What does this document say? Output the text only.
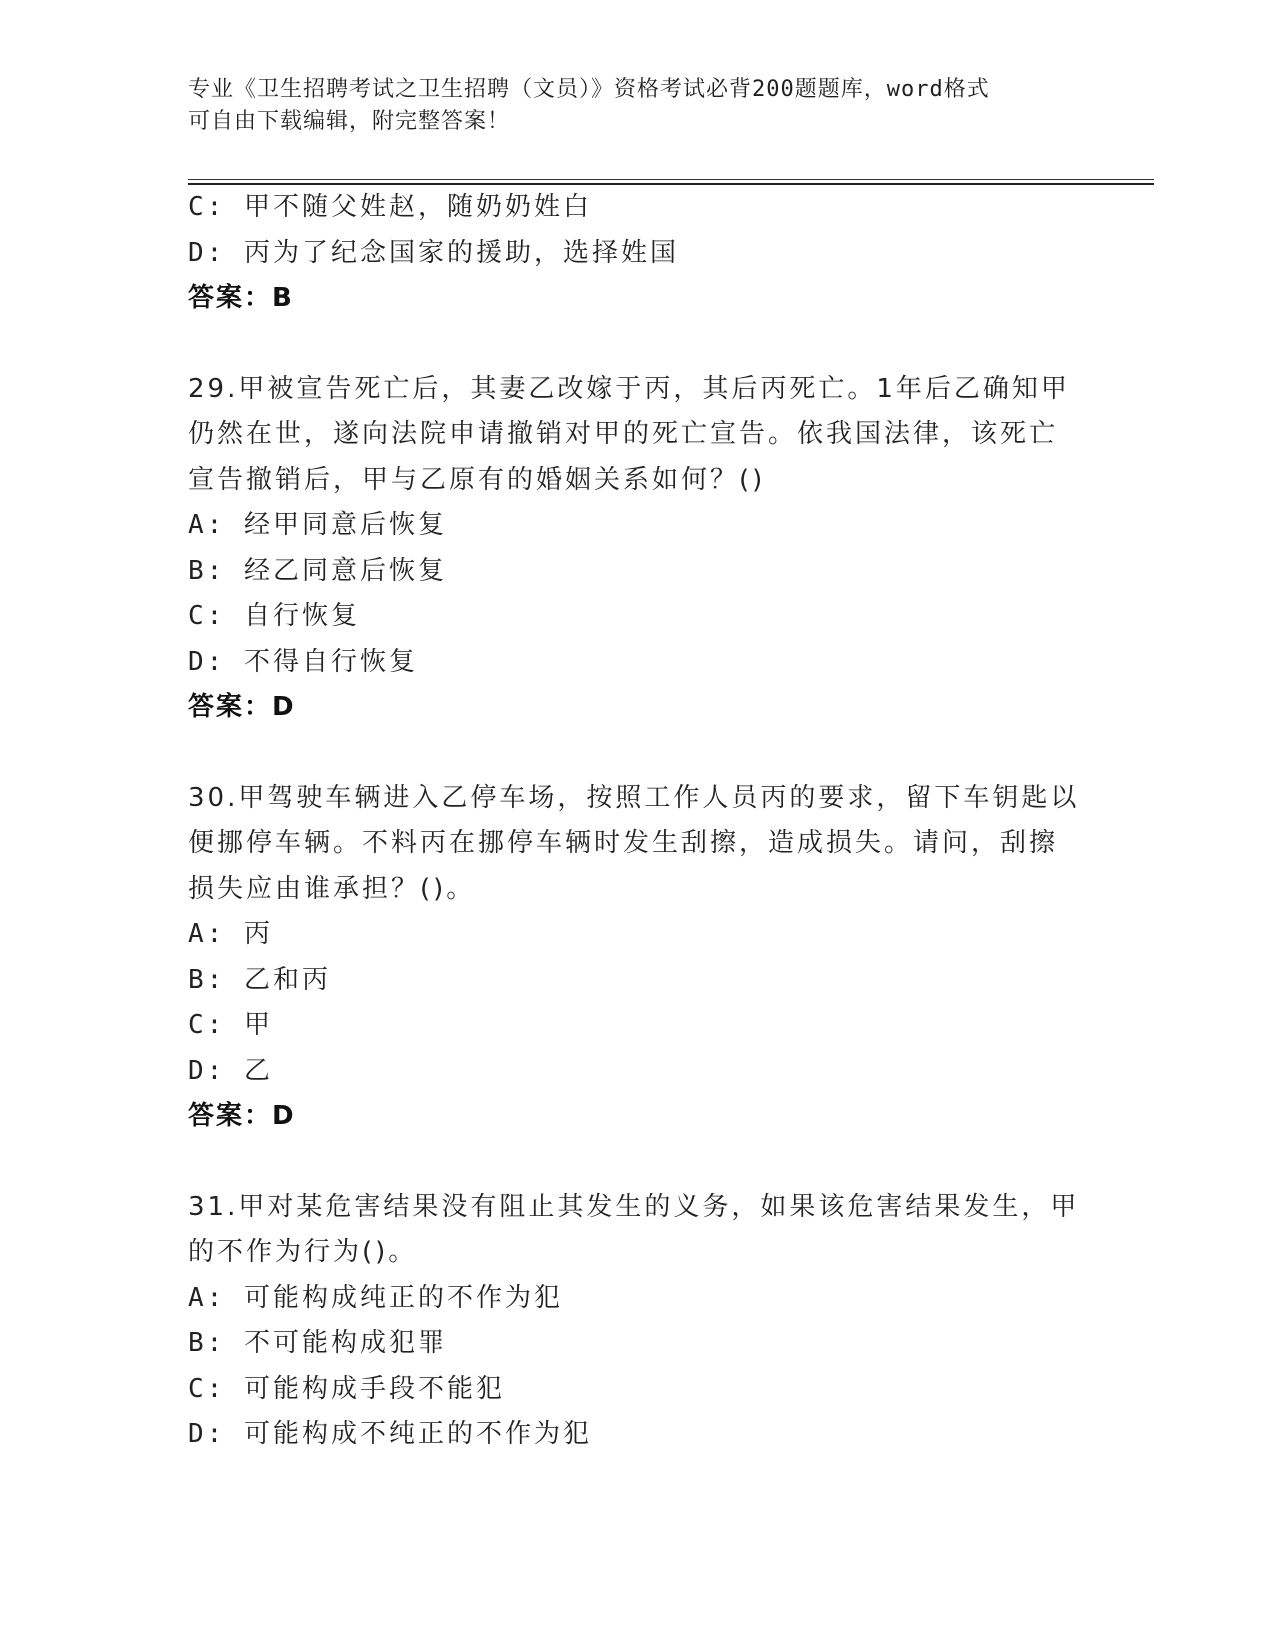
专业《卫生招聘考试之卫生招聘（文员）》资格考试必背200题题库，word格式
可自由下载编辑，附完整答案！
C: 甲不随父姓赵，随奶奶姓白
D: 丙为了纪念国家的援助，选择姓国
答案：B
29.甲被宣告死亡后，其妻乙改嫁于丙，其后丙死亡。1年后乙确知甲
仍然在世，遂向法院申请撤销对甲的死亡宣告。依我国法律，该死亡
宣告撤销后，甲与乙原有的婚姻关系如何？()
A: 经甲同意后恢复
B: 经乙同意后恢复
C: 自行恢复
D: 不得自行恢复
答案：D
30.甲驾驶车辆进入乙停车场，按照工作人员丙的要求，留下车钥匙以
便挪停车辆。不料丙在挪停车辆时发生刮擦，造成损失。请问，刮擦
损失应由谁承担？()。
A: 丙
B: 乙和丙
C: 甲
D: 乙
答案：D
31.甲对某危害结果没有阻止其发生的义务，如果该危害结果发生，甲
的不作为行为()。
A: 可能构成纯正的不作为犯
B: 不可能构成犯罪
C: 可能构成手段不能犯
D: 可能构成不纯正的不作为犯
